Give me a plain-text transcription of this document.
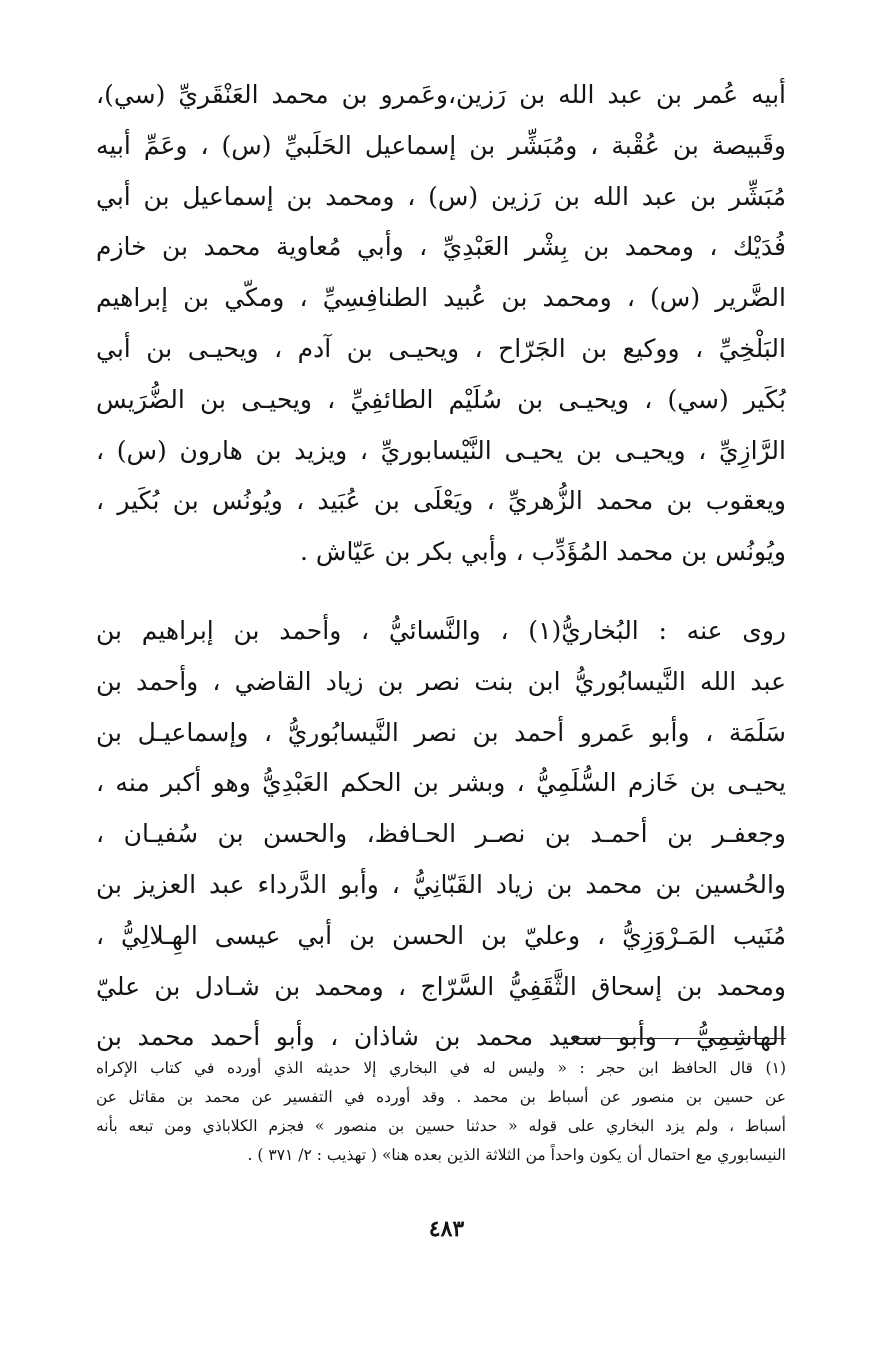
أبيه عُمر بن عبد الله بن رَزين،وعَمرو بن محمد العَنْقَريِّ (سي)،
وقَبيصة بن عُقْبة ، ومُبَشِّر بن إسماعيل الحَلَبيِّ (س) ، وعَمِّ أبيه
مُبَشِّر بن عبد الله بن رَزين (س) ، ومحمد بن إسماعيل بن أبي
فُدَيْك ، ومحمد بن بِشْر العَبْدِيِّ ، وأبي مُعاوية محمد بن خازم
الضَّرير (س) ، ومحمد بن عُبيد الطنافِسِيِّ ، ومكّي بن إبراهيم
البَلْخِيِّ ، ووكيع بن الجَرّاح ، ويحيـى بن آدم ، ويحيـى بن أبي
بُكَير (سي) ، ويحيـى بن سُلَيْم الطائفِيِّ ، ويحيـى بن الضُّرَيس
الرَّازِيِّ ، ويحيـى بن يحيـى النَّيْسابوريِّ ، ويزيد بن هارون (س) ،
ويعقوب بن محمد الزُّهريِّ ، ويَعْلَى بن عُبَيد ، ويُونُس بن بُكَير ،
ويُونُس بن محمد المُؤَدِّب ، وأبي بكر بن عَيّاش .
روى عنه : البُخاريُّ(١) ، والنَّسائيُّ ، وأحمد بن إبراهيم بن
عبد الله النَّيسابُوريُّ ابن بنت نصر بن زياد القاضي ، وأحمد بن
سَلَمَة ، وأبو عَمرو أحمد بن نصر النَّيسابُوريُّ ، وإسماعيـل بن
يحيـى بن خَازم السُّلَمِيُّ ، وبشر بن الحكم العَبْدِيُّ وهو أكبر منه ،
وجعفـر بن أحمـد بن نصـر الحـافظ، والحسن بن سُفيـان ،
والحُسين بن محمد بن زياد القَبّانِيُّ ، وأبو الدَّرداء عبد العزيز بن
مُنَيب المَـرْوَزِيُّ ، وعليّ بن الحسن بن أبي عيسى الهِـلالِيُّ ،
ومحمد بن إسحاق الثَّقَفِيُّ السَّرّاج ، ومحمد بن شـادل بن عليّ
الهاشِمِيُّ ، وأبو سعيد محمد بن شاذان ، وأبو أحمد محمد بن
(١) قال الحافظ ابن حجر : « وليس له في البخاري إلا حديثه الذي أورده في كتاب الإكراه
عن حسين بن منصور عن أسباط بن محمد . وقد أورده في التفسير عن محمد بن مقاتل عن
أسباط ، ولم يزد البخاري على قوله « حدثنا حسين بن منصور » فجزم الكلاباذي ومن تبعه بأنه
النيسابوري مع احتمال أن يكون واحداً من الثلاثة الذين بعده هنا» ( تهذيب : ٢/ ٣٧١ ) .
٤٨٣
